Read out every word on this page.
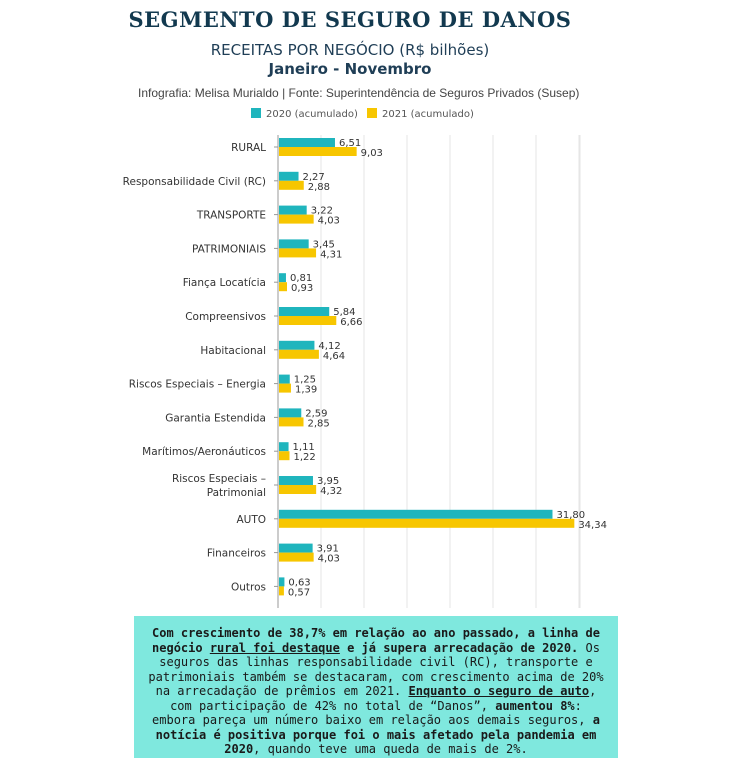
SEGMENTO DE SEGURO DE DANOS
RECEITAS POR NEGÓCIO (R$ bilhões)
Janeiro - Novembro
Infografia: Melisa Murialdo | Fonte: Superintendência de Seguros Privados (Susep)
2020 (acumulado)	2021 (acumulado)
RURAL	6,51
9,03
Responsabilidade Civil (RC)	2,27
2,88
TRANSPORTE	3,22
4,03
PATRIMONIAIS	3,45
4,31
Fiança Locatícia 0,81
0,93
Compreensivos	5,84
6,66
Habitacional	4,12
4,64
Riscos Especiais – Energia	1,25
1,39
Garantia Estendida	2,59
2,85
Marítimos/Aeronáuticos	1,11
1,22
Riscos Especiais –
Patrimonial
3,95
4,32
AUTO	31,80
34,34
Financeiros	3,91
4,03
Outros 0,63
0,57
Com crescimento de 38,7% em relação ao ano passado, a linha de negócio rural foi destaque e já supera arrecadação de 2020. Os seguros das linhas responsabilidade civil (RC), transporte e patrimoniais também se destacaram, com crescimento acima de 20% na arrecadação de prêmios em 2021. Enquanto o seguro de auto, com participação de 42% no total de “Danos”, aumentou 8%: embora pareça um número baixo em relação aos demais seguros, a notícia é positiva porque foi o mais afetado pela pandemia em 2020, quando teve uma queda de mais de 2%.
